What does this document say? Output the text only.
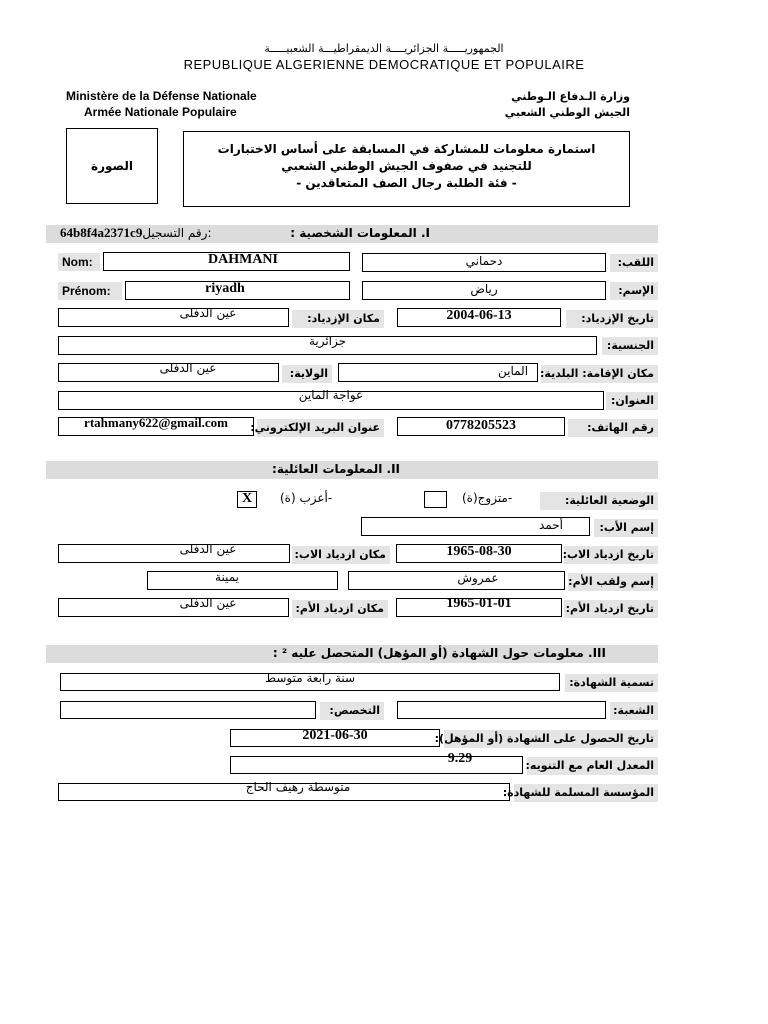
الجمهوريـــــة الجزائريــــة الديمقراطيـــة الشعبيـــــة
REPUBLIQUE ALGERIENNE DEMOCRATIQUE ET POPULAIRE
Ministère de la Défense Nationale
Armée Nationale Populaire
وزارة الـدفاع الـوطني
الجيش الوطني الشعبي
الصورة
استمارة معلومات للمشاركة في المسابقة على أساس الاختبارات
للتجنيد في صفوف الجيش الوطني الشعبي
- فئة الطلبة رجال الصف المتعاقدين -
I. المعلومات الشخصية :
64b8f4a2371c9رقم التسجيل:
Nom:	DAHMANI	دحماني	اللقب:
Prénom:	riyadh	رياض	الإسم:
عين الدفلى	مكان الإزدياد:	2004-06-13	تاريخ الإزدياد:
جزائرية	الجنسية:
عين الدفلى	الولاية:	الماين	مكان الإقامة: البلدية:
عواجة الماين	العنوان:
rtahmany622@gmail.com	عنوان البريد الإلكتروني:	0778205523	رقم الهاتف:
II. المعلومات العائلية:
X	-أعزب (ة)	-متزوج(ة)	الوضعية العائلية:
أحمد	إسم الأب:
عين الدفلى	مكان ازدياد الاب:	1965-08-30	تاريخ ازدياد الاب:
يمينة	عمروش	إسم ولقب الأم:
عين الدفلى	مكان ازدياد الأم:	1965-01-01	تاريخ ازدياد الأم:
III. معلومات حول الشهادة (أو المؤهل) المتحصل عليه ² :
سنة رابعة متوسط	تسمية الشهادة:
التخصص:	الشعبة:
2021-06-30	تاريخ الحصول على الشهادة (أو المؤهل):
9.29	المعدل العام مع التنويه:
متوسطة رهيف الحاج	المؤسسة المسلمة للشهادة:
